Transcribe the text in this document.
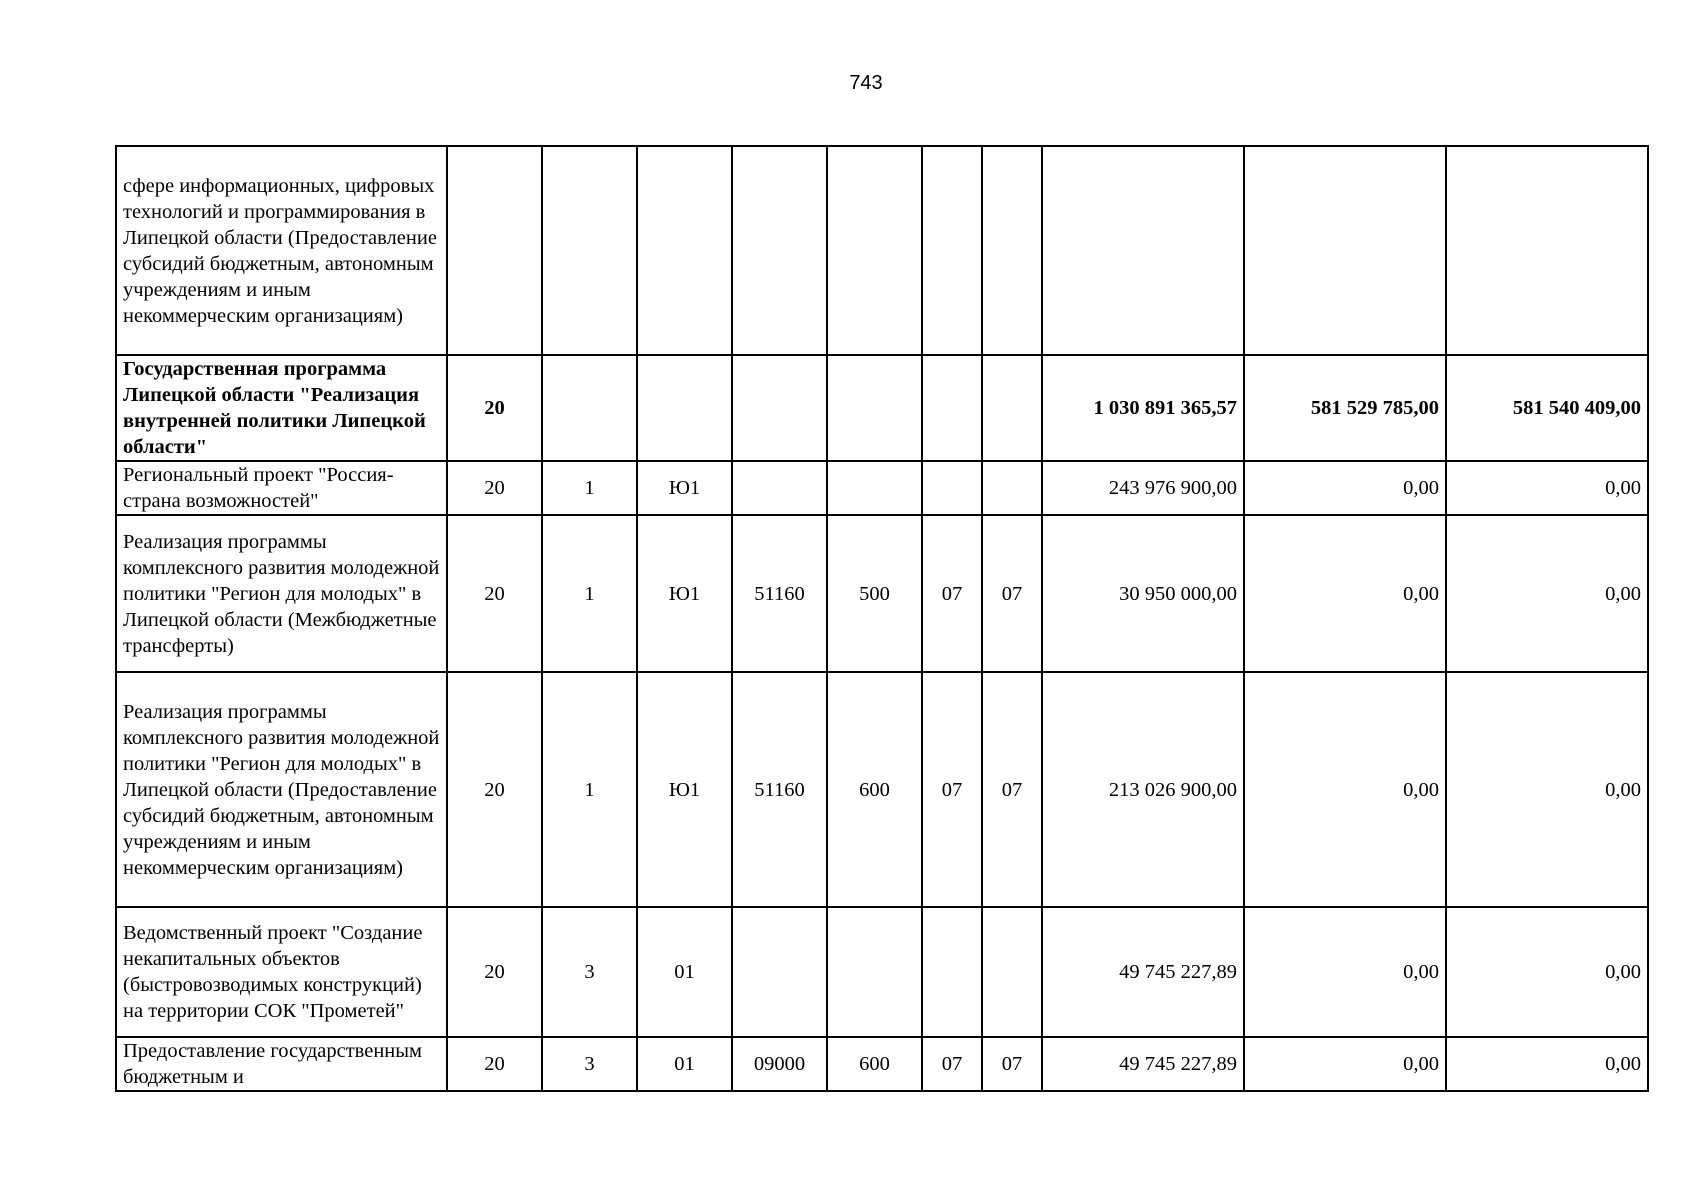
743
сфере информационных, цифровых технологий и программирования в Липецкой области (Предоставление субсидий бюджетным, автономным учреждениям и иным некоммерческим организациям)										
Государственная программа Липецкой области "Реализация внутренней политики Липецкой области"	20							1 030 891 365,57	581 529 785,00	581 540 409,00
Региональный проект "Россия-страна возможностей"	20	1	Ю1					243 976 900,00	0,00	0,00
Реализация программы комплексного развития молодежной политики "Регион для молодых" в Липецкой области (Межбюджетные трансферты)	20	1	Ю1	51160	500	07	07	30 950 000,00	0,00	0,00
Реализация программы комплексного развития молодежной политики "Регион для молодых" в Липецкой области (Предоставление субсидий бюджетным, автономным учреждениям и иным некоммерческим организациям)	20	1	Ю1	51160	600	07	07	213 026 900,00	0,00	0,00
Ведомственный проект "Создание некапитальных объектов (быстровозводимых конструкций) на территории СОК "Прометей"	20	3	01					49 745 227,89	0,00	0,00
Предоставление государственным бюджетным и	20	3	01	09000	600	07	07	49 745 227,89	0,00	0,00
